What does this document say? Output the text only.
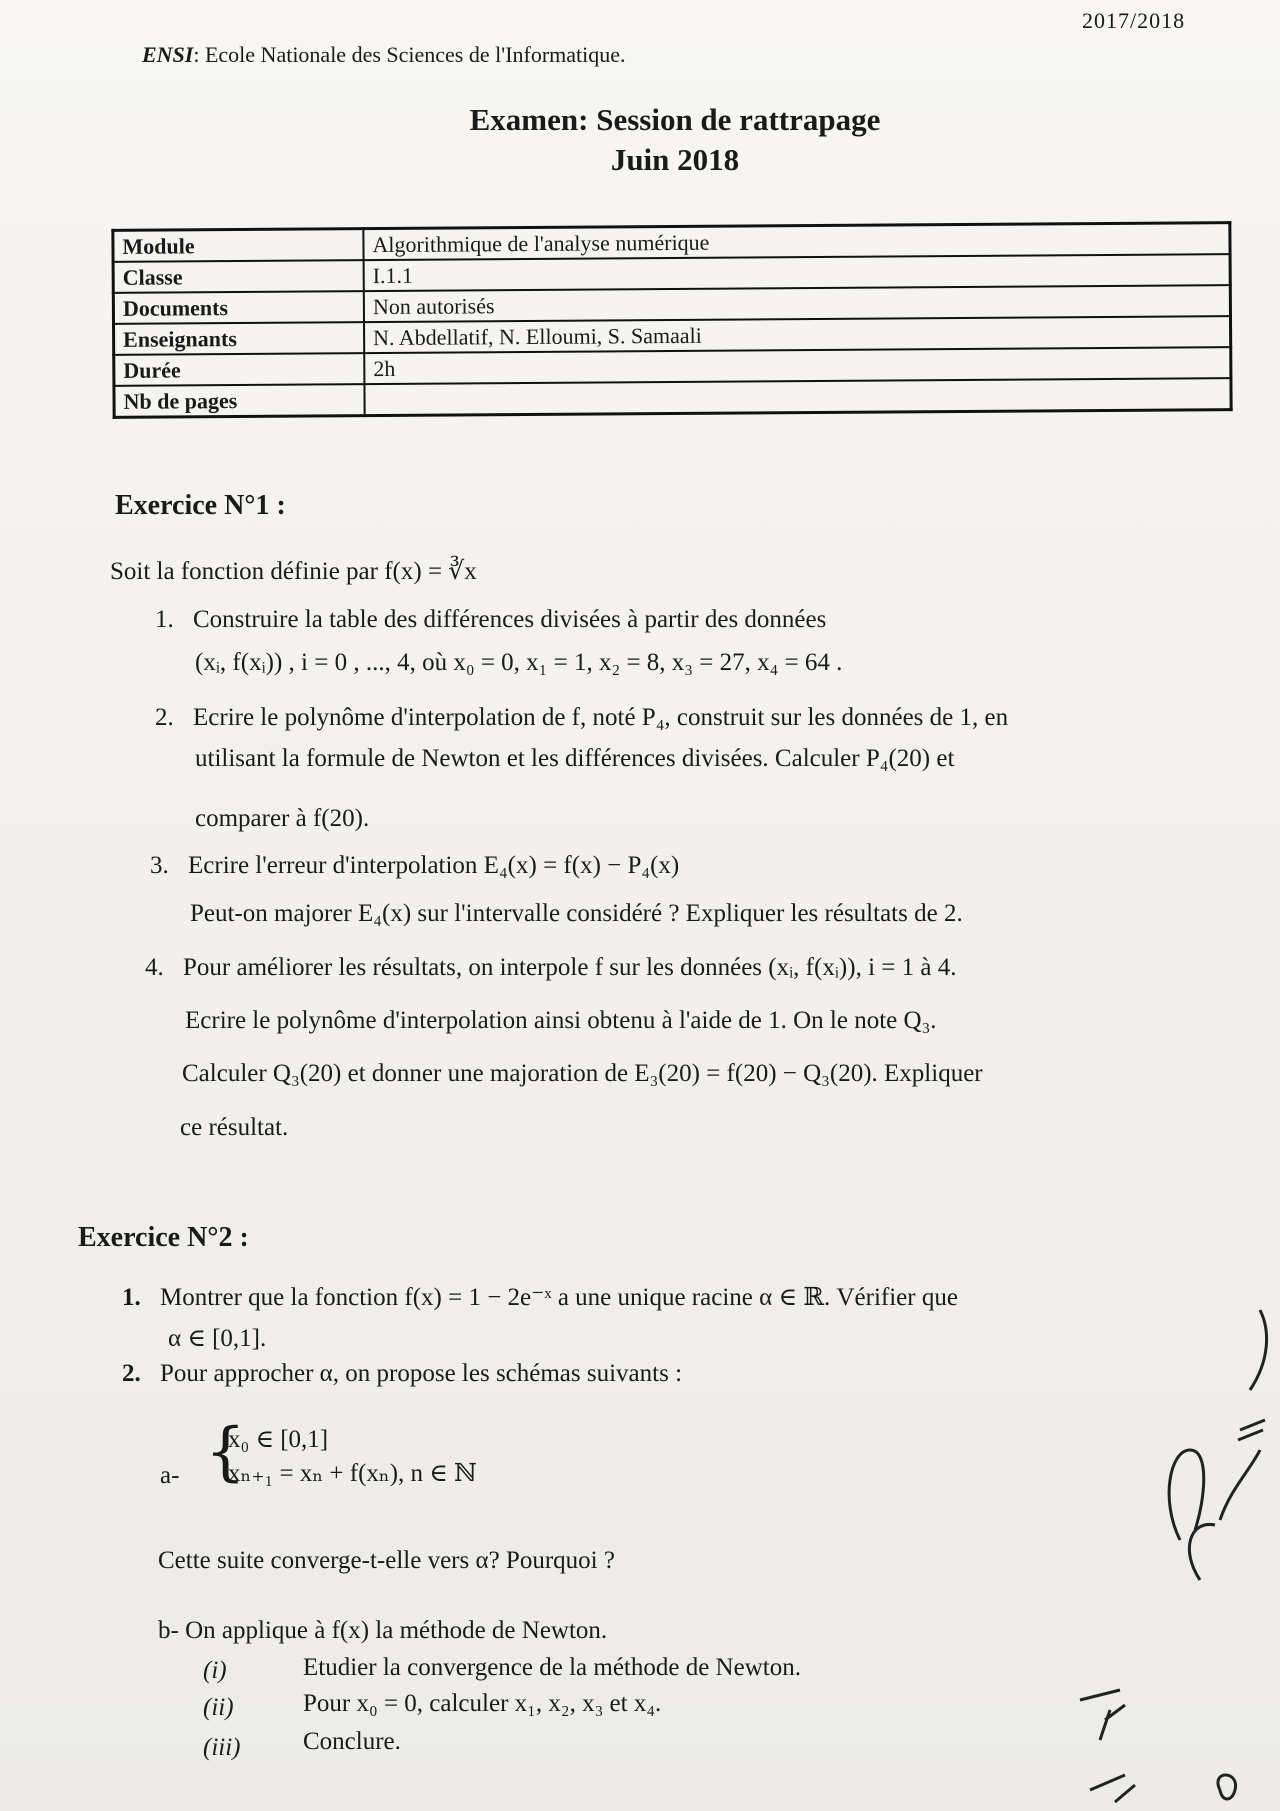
2017/2018
ENSI: Ecole Nationale des Sciences de l'Informatique.
Examen: Session de rattrapage
Juin 2018
Module	Algorithmique de l'analyse numérique
Classe	I.1.1
Documents	Non autorisés
Enseignants	N. Abdellatif, N. Elloumi, S. Samaali
Durée	2h
Nb de pages	
Exercice N°1 :
Soit la fonction définie par f(x) = ∛x
1. Construire la table des différences divisées à partir des données
(xᵢ, f(xᵢ)) , i = 0 , ..., 4, où x₀ = 0, x₁ = 1, x₂ = 8, x₃ = 27, x₄ = 64 .
2. Ecrire le polynôme d'interpolation de f, noté P₄, construit sur les données de 1, en
utilisant la formule de Newton et les différences divisées. Calculer P₄(20) et
comparer à f(20).
3. Ecrire l'erreur d'interpolation E₄(x) = f(x) − P₄(x)
Peut-on majorer E₄(x) sur l'intervalle considéré ? Expliquer les résultats de 2.
4. Pour améliorer les résultats, on interpole f sur les données (xᵢ, f(xᵢ)), i = 1 à 4.
Ecrire le polynôme d'interpolation ainsi obtenu à l'aide de 1. On le note Q₃.
Calculer Q₃(20) et donner une majoration de E₃(20) = f(20) − Q₃(20). Expliquer
ce résultat.
Exercice N°2 :
1. Montrer que la fonction f(x) = 1 − 2e⁻ˣ a une unique racine α ∈ ℝ. Vérifier que
α ∈ [0,1].
2. Pour approcher α, on propose les schémas suivants :
a- {
x₀ ∈ [0,1]
xₙ₊₁ = xₙ + f(xₙ), n ∈ ℕ
Cette suite converge-t-elle vers α? Pourquoi ?
b- On applique à f(x) la méthode de Newton.
(i)	Etudier la convergence de la méthode de Newton.
(ii)	Pour x₀ = 0, calculer x₁, x₂, x₃ et x₄.
(iii)	Conclure.
